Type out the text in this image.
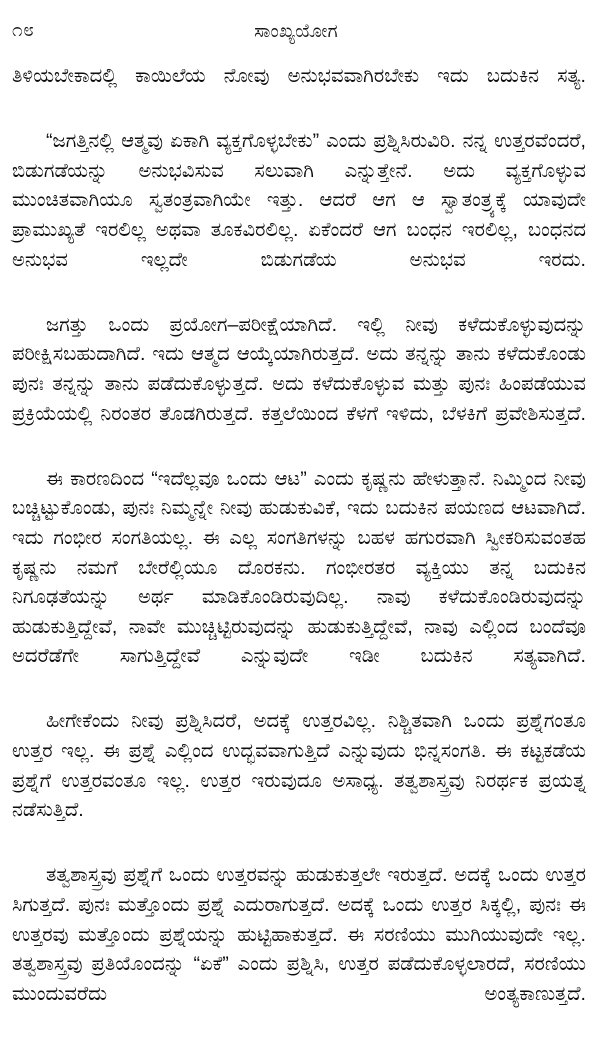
೧೮	ಸಾಂಖ್ಯಯೋಗ

ತಿಳಿಯಬೇಕಾದಲ್ಲಿ ಕಾಯಿಲೆಯ ನೋವು ಅನುಭವವಾಗಿರಬೇಕು ಇದು ಬದುಕಿನ ಸತ್ಯ.

“ಜಗತ್ತಿನಲ್ಲಿ ಆತ್ಮವು ಏಕಾಗಿ ವ್ಯಕ್ತಗೊಳ್ಳಬೇಕು” ಎಂದು ಪ್ರಶ್ನಿಸಿರುವಿರಿ. ನನ್ನ ಉತ್ತರವೆಂದರೆ, ಬಿಡುಗಡೆಯನ್ನು ಅನುಭವಿಸುವ ಸಲುವಾಗಿ ಎನ್ನುತ್ತೇನೆ. ಅದು ವ್ಯಕ್ತಗೊಳ್ಳುವ ಮುಂಚಿತವಾಗಿಯೂ ಸ್ವತಂತ್ರವಾಗಿಯೇ ಇತ್ತು. ಆದರೆ ಆಗ ಆ ಸ್ವಾತಂತ್ರ್ಯಕ್ಕೆ ಯಾವುದೇ ಪ್ರಾಮುಖ್ಯತೆ ಇರಲಿಲ್ಲ ಅಥವಾ ತೂಕವಿರಲಿಲ್ಲ. ಏಕೆಂದರೆ ಆಗ ಬಂಧನ ಇರಲಿಲ್ಲ, ಬಂಧನದ ಅನುಭವ ಇಲ್ಲದೇ ಬಿಡುಗಡೆಯ ಅನುಭವ ಇರದು.

ಜಗತ್ತು ಒಂದು ಪ್ರಯೋಗ–ಪರೀಕ್ಷೆಯಾಗಿದೆ. ಇಲ್ಲಿ ನೀವು ಕಳೆದುಕೊಳ್ಳುವುದನ್ನು ಪರೀಕ್ಷಿಸಬಹುದಾಗಿದೆ. ಇದು ಆತ್ಮದ ಆಯ್ಕೆಯಾಗಿರುತ್ತದೆ. ಅದು ತನ್ನನ್ನು ತಾನು ಕಳೆದುಕೊಂಡು ಪುನಃ ತನ್ನನ್ನು ತಾನು ಪಡೆದುಕೊಳ್ಳುತ್ತದೆ. ಅದು ಕಳೆದುಕೊಳ್ಳುವ ಮತ್ತು ಪುನಃ ಹಿಂಪಡೆಯುವ ಪ್ರಕ್ರಿಯೆಯಲ್ಲಿ ನಿರಂತರ ತೊಡಗಿರುತ್ತದೆ. ಕತ್ತಲೆಯಿಂದ ಕೆಳಗೆ ಇಳಿದು, ಬೆಳಕಿಗೆ ಪ್ರವೇಶಿಸುತ್ತದೆ.

ಈ ಕಾರಣದಿಂದ “ಇದೆಲ್ಲವೂ ಒಂದು ಆಟ” ಎಂದು ಕೃಷ್ಣನು ಹೇಳುತ್ತಾನೆ. ನಿಮ್ಮಿಂದ ನೀವು ಬಚ್ಚಿಟ್ಟುಕೊಂಡು, ಪುನಃ ನಿಮ್ಮನ್ನೇ ನೀವು ಹುಡುಕುವಿಕೆ, ಇದು ಬದುಕಿನ ಪಯಣದ ಆಟವಾಗಿದೆ. ಇದು ಗಂಭೀರ ಸಂಗತಿಯಲ್ಲ. ಈ ಎಲ್ಲ ಸಂಗತಿಗಳನ್ನು ಬಹಳ ಹಗುರವಾಗಿ ಸ್ವೀಕರಿಸುವಂತಹ ಕೃಷ್ಣನು ನಮಗೆ ಬೇರೆಲ್ಲಿಯೂ ದೊರಕನು. ಗಂಭೀರತರ ವ್ಯಕ್ತಿಯು ತನ್ನ ಬದುಕಿನ ನಿಗೂಢತೆಯನ್ನು ಅರ್ಥ ಮಾಡಿಕೊಂಡಿರುವುದಿಲ್ಲ. ನಾವು ಕಳೆದುಕೊಂಡಿರುವುದನ್ನು ಹುಡುಕುತ್ತಿದ್ದೇವೆ, ನಾವೇ ಮುಚ್ಚಿಟ್ಟಿರುವುದನ್ನು ಹುಡುಕುತ್ತಿದ್ದೇವೆ, ನಾವು ಎಲ್ಲಿಂದ ಬಂದೆವೂ ಅದರೆಡೆಗೇ ಸಾಗುತ್ತಿದ್ದೇವೆ ಎನ್ನುವುದೇ ಇಡೀ ಬದುಕಿನ ಸತ್ಯವಾಗಿದೆ.

ಹೀಗೇಕೆಂದು ನೀವು ಪ್ರಶ್ನಿಸಿದರೆ, ಅದಕ್ಕೆ ಉತ್ತರವಿಲ್ಲ. ನಿಶ್ಚಿತವಾಗಿ ಒಂದು ಪ್ರಶ್ನೆಗಂತೂ ಉತ್ತರ ಇಲ್ಲ. ಈ ಪ್ರಶ್ನೆ ಎಲ್ಲಿಂದ ಉದ್ಭವವಾಗುತ್ತಿದೆ ಎನ್ನುವುದು ಭಿನ್ನಸಂಗತಿ. ಈ ಕಟ್ಟಕಡೆಯ ಪ್ರಶ್ನೆಗೆ ಉತ್ತರವಂತೂ ಇಲ್ಲ. ಉತ್ತರ ಇರುವುದೂ ಅಸಾಧ್ಯ. ತತ್ವಶಾಸ್ತ್ರವು ನಿರರ್ಥಕ ಪ್ರಯತ್ನ ನಡೆಸುತ್ತಿದೆ.

ತತ್ವಶಾಸ್ತ್ರವು ಪ್ರಶ್ನೆಗೆ ಒಂದು ಉತ್ತರವನ್ನು ಹುಡುಕುತ್ತಲೇ ಇರುತ್ತದೆ. ಅದಕ್ಕೆ ಒಂದು ಉತ್ತರ ಸಿಗುತ್ತದೆ. ಪುನಃ ಮತ್ತೊಂದು ಪ್ರಶ್ನೆ ಎದುರಾಗುತ್ತದೆ. ಅದಕ್ಕೆ ಒಂದು ಉತ್ತರ ಸಿಕ್ಕಲ್ಲಿ, ಪುನಃ ಈ ಉತ್ತರವು ಮತ್ತೊಂದು ಪ್ರಶ್ನೆಯನ್ನು ಹುಟ್ಟಿಹಾಕುತ್ತದೆ. ಈ ಸರಣಿಯು ಮುಗಿಯುವುದೇ ಇಲ್ಲ. ತತ್ವಶಾಸ್ತ್ರವು ಪ್ರತಿಯೊಂದನ್ನು “ಏಕೆ” ಎಂದು ಪ್ರಶ್ನಿಸಿ, ಉತ್ತರ ಪಡೆದುಕೊಳ್ಳಲಾರದೆ, ಸರಣಿಯು ಮುಂದುವರೆದು ಅಂತ್ಯಕಾಣುತ್ತದೆ.
